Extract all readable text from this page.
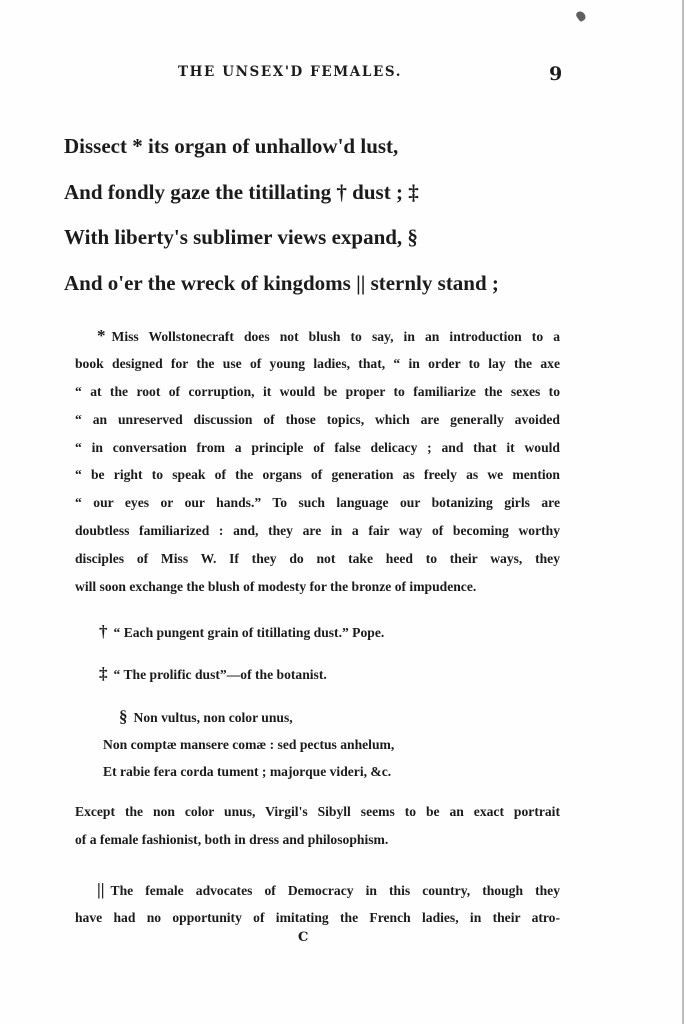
THE UNSEX'D FEMALES.	9
Dissect * its organ of unhallow'd lust,
And fondly gaze the titillating † dust ; ‡
With liberty's sublimer views expand, §
And o'er the wreck of kingdoms || sternly stand ;
* Miss Wollstonecraft does not blush to say, in an introduction to a
book designed for the use of young ladies, that, “ in order to lay the axe
“ at the root of corruption, it would be proper to familiarize the sexes to
“ an unreserved discussion of those topics, which are generally avoided
“ in conversation from a principle of false delicacy ; and that it would
“ be right to speak of the organs of generation as freely as we mention
“ our eyes or our hands.” To such language our botanizing girls are
doubtless familiarized : and, they are in a fair way of becoming worthy
disciples of Miss W. If they do not take heed to their ways, they
will soon exchange the blush of modesty for the bronze of impudence.
† “ Each pungent grain of titillating dust.” Pope.
‡ “ The prolific dust”—of the botanist.
§ Non vultus, non color unus,
Non comptæ mansere comæ : sed pectus anhelum,
Et rabie fera corda tument ; majorque videri, &c.
Except the non color unus, Virgil's Sibyll seems to be an exact portrait
of a female fashionist, both in dress and philosophism.
|| The female advocates of Democracy in this country, though they
have had no opportunity of imitating the French ladies, in their atro-
C
